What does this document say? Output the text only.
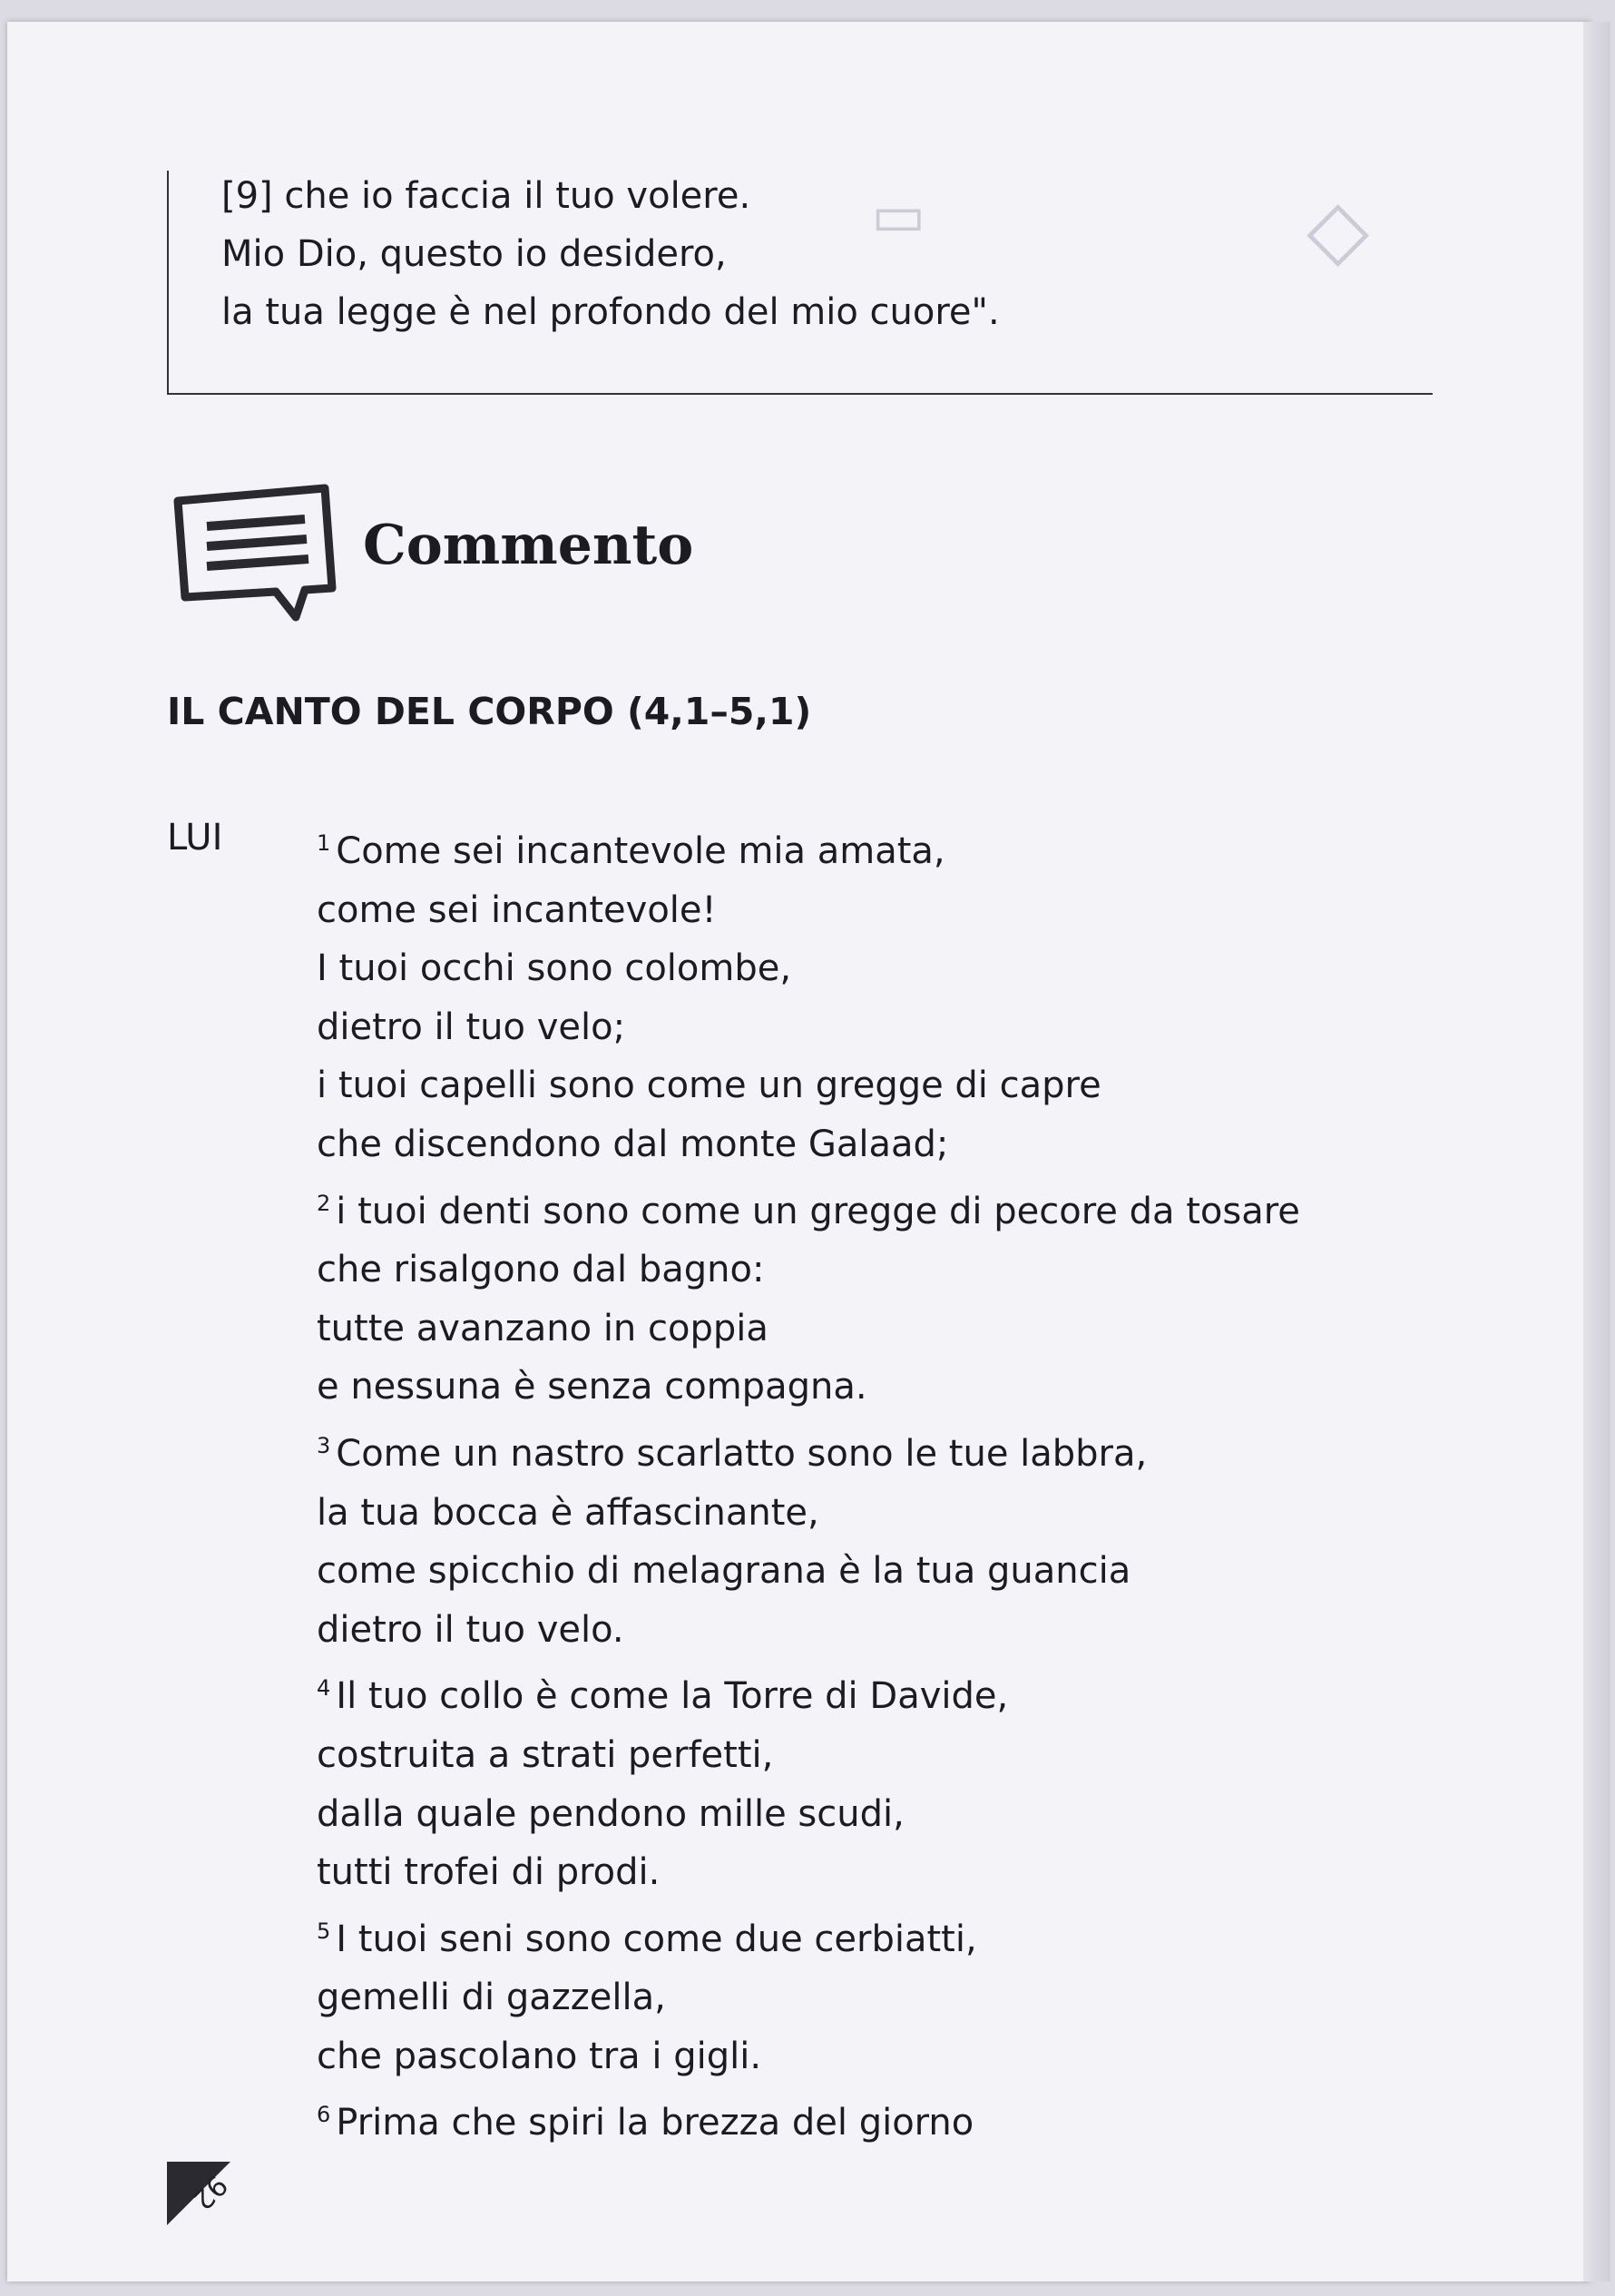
▭	◇
[9] che io faccia il tuo volere.
Mio Dio, questo io desidero,
la tua legge è nel profondo del mio cuore".
Commento
IL CANTO DEL CORPO (4,1–5,1)
LUI	$^1$ Come sei incantevole mia amata,
come sei incantevole!
I tuoi occhi sono colombe,
dietro il tuo velo;
i tuoi capelli sono come un gregge di capre
che discendono dal monte Galaad;
$^2$ i tuoi denti sono come un gregge di pecore da tosare
che risalgono dal bagno:
tutte avanzano in coppia
e nessuna è senza compagna.
$^3$ Come un nastro scarlatto sono le tue labbra,
la tua bocca è affascinante,
come spicchio di melagrana è la tua guancia
dietro il tuo velo.
$^4$ Il tuo collo è come la Torre di Davide,
costruita a strati perfetti,
dalla quale pendono mille scudi,
tutti trofei di prodi.
$^5$ I tuoi seni sono come due cerbiatti,
gemelli di gazzella,
che pascolano tra i gigli.
$^6$ Prima che spiri la brezza del giorno
92
